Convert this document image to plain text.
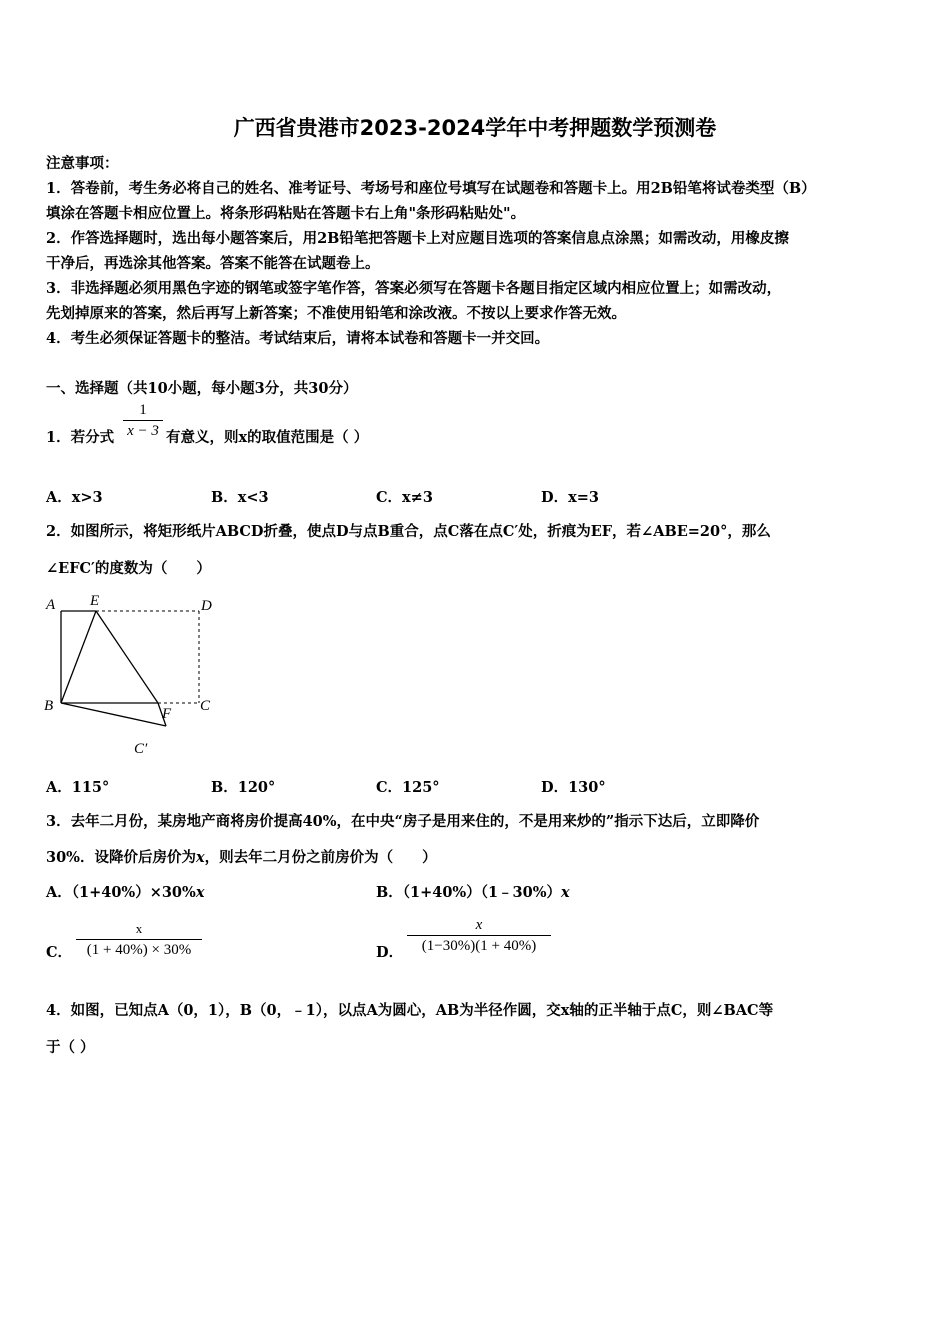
广西省贵港市2023-2024学年中考押题数学预测卷
注意事项：
1．答卷前，考生务必将自己的姓名、准考证号、考场号和座位号填写在试题卷和答题卡上。用2B铅笔将试卷类型（B）
填涂在答题卡相应位置上。将条形码粘贴在答题卡右上角"条形码粘贴处"。
2．作答选择题时，选出每小题答案后，用2B铅笔把答题卡上对应题目选项的答案信息点涂黑；如需改动，用橡皮擦
干净后，再选涂其他答案。答案不能答在试题卷上。
3．非选择题必须用黑色字迹的钢笔或签字笔作答，答案必须写在答题卡各题目指定区域内相应位置上；如需改动，
先划掉原来的答案，然后再写上新答案；不准使用铅笔和涂改液。不按以上要求作答无效。
4．考生必须保证答题卡的整洁。考试结束后，请将本试卷和答题卡一并交回。
一、选择题（共10小题，每小题3分，共30分）
1．若分式 $\frac{1}{x - 3}$ 有意义，则x的取值范围是（ ）
A．x>3	B．x<3	C．x≠3	D．x=3
2．如图所示，将矩形纸片ABCD折叠，使点D与点B重合，点C落在点C′处，折痕为EF，若∠ABE=20°，那么
∠EFC′的度数为（　　）
A E	D
B	F C
C′
A．115°	B．120°	C．125°	D．130°
3．去年二月份，某房地产商将房价提高40%，在中央“房子是用来住的，不是用来炒的”指示下达后，立即降价
30%．设降价后房价为x，则去年二月份之前房价为（　　）
A．（1+40%）×30%x	B．（1+40%）（1﹣30%）x
C． $\frac{x}{(1 + 40\%) \times 30\%}$	D． $\frac{x}{(1-30\%)(1 + 40\%)}$
4．如图，已知点A（0，1），B（0，﹣1），以点A为圆心，AB为半径作圆，交x轴的正半轴于点C，则∠BAC等
于（ ）
